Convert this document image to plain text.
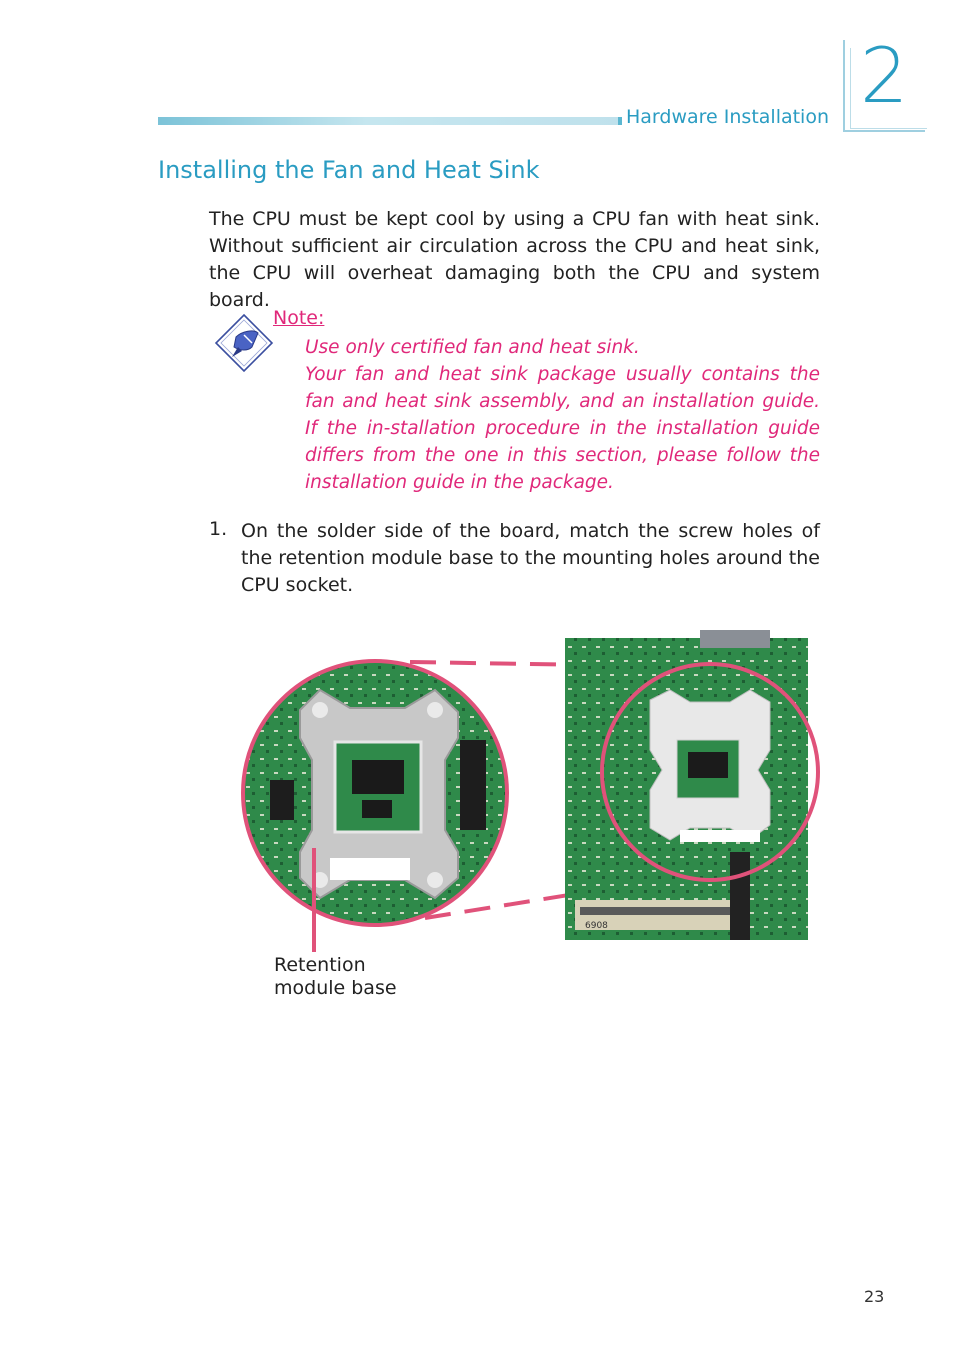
Hardware Installation 2
Installing the Fan and Heat Sink
The CPU must be kept cool by using a CPU fan with heat sink. Without sufficient air circulation across the CPU and heat sink, the CPU will overheat damaging both the CPU and system board.
Note:

Use only certified fan and heat sink.

Your fan and heat sink package usually contains the fan and heat sink assembly, and an installation guide. If the in-stallation procedure in the installation guide differs from the one in this section, please follow the installation guide in the package.

1. On the solder side of the board, match the screw holes of the retention module base to the mounting holes around the CPU socket.
6908
Retention
module base
23
